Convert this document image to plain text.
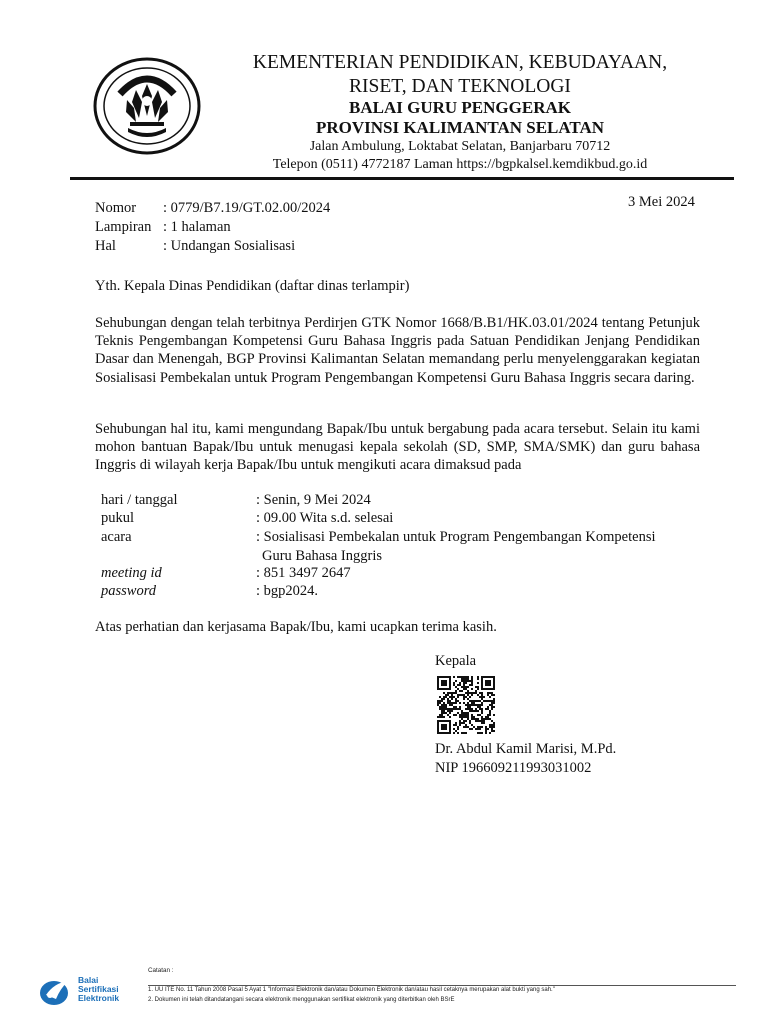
KEMENTERIAN PENDIDIKAN, KEBUDAYAAN,
RISET, DAN TEKNOLOGI
BALAI GURU PENGGERAK
PROVINSI KALIMANTAN SELATAN
Jalan Ambulung, Loktabat Selatan, Banjarbaru 70712
Telepon (0511) 4772187 Laman https://bgpkalsel.kemdikbud.go.id
3 Mei 2024
Nomor : 0779/B7.19/GT.02.00/2024
Lampiran : 1 halaman
Hal	: Undangan Sosialisasi
Yth. Kepala Dinas Pendidikan (daftar dinas terlampir)
Sehubungan dengan telah terbitnya Perdirjen GTK Nomor 1668/B.B1/HK.03.01/2024 tentang Petunjuk Teknis Pengembangan Kompetensi Guru Bahasa Inggris pada Satuan Pendidikan Jenjang Pendidikan Dasar dan Menengah, BGP Provinsi Kalimantan Selatan memandang perlu menyelenggarakan kegiatan Sosialisasi Pembekalan untuk Program Pengembangan Kompetensi Guru Bahasa Inggris secara daring.
Sehubungan hal itu, kami mengundang Bapak/Ibu untuk bergabung pada acara tersebut. Selain itu kami mohon bantuan Bapak/Ibu untuk menugasi kepala sekolah (SD, SMP, SMA/SMK) dan guru bahasa Inggris di wilayah kerja Bapak/Ibu untuk mengikuti acara dimaksud pada
hari / tanggal	: Senin, 9 Mei 2024
pukul	: 09.00 Wita s.d. selesai
acara	: Sosialisasi Pembekalan untuk Program Pengembangan Kompetensi
Guru Bahasa Inggris
meeting id	: 851 3497 2647
password	: bgp2024.
Atas perhatian dan kerjasama Bapak/Ibu, kami ucapkan terima kasih.
Kepala
Dr. Abdul Kamil Marisi, M.Pd.
NIP 196609211993031002
Balai
Sertifikasi
Elektronik
Catatan :
1. UU ITE No. 11 Tahun 2008 Pasal 5 Ayat 1 "Informasi Elektronik dan/atau Dokumen Elektronik dan/atau hasil cetaknya merupakan alat bukti yang sah."
2. Dokumen ini telah ditandatangani secara elektronik menggunakan sertifikat elektronik yang diterbitkan oleh BSrE
